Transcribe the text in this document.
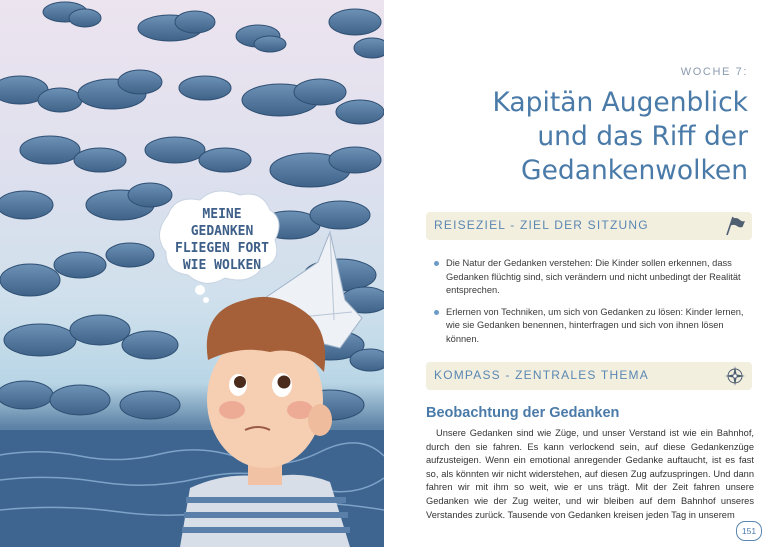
MEINE
GEDANKEN
FLIEGEN FORT
WIE WOLKEN
WOCHE 7:
Kapitän Augenblick
und das Riff der
Gedankenwolken
REISEZIEL - ZIEL DER SITZUNG
Die Natur der Gedanken verstehen: Die Kinder sollen erkennen, dass Gedanken flüchtig sind, sich verändern und nicht unbedingt der Realität entsprechen.
Erlernen von Techniken, um sich von Gedanken zu lösen: Kinder lernen, wie sie Gedanken benennen, hinterfragen und sich von ihnen lösen können.
KOMPASS - ZENTRALES THEMA
Beobachtung der Gedanken

Unsere Gedanken sind wie Züge, und unser Verstand ist wie ein Bahnhof, durch den sie fahren. Es kann verlockend sein, auf diese Gedankenzüge aufzusteigen. Wenn ein emotional anregender Gedanke auftaucht, ist es fast so, als könnten wir nicht widerstehen, auf diesen Zug aufzuspringen. Und dann fahren wir mit ihm so weit, wie er uns trägt. Mit der Zeit fahren unsere Gedanken wie der Zug weiter, und wir bleiben auf dem Bahnhof unseres Verstandes zurück. Tausende von Gedanken kreisen jeden Tag in unserem

151
